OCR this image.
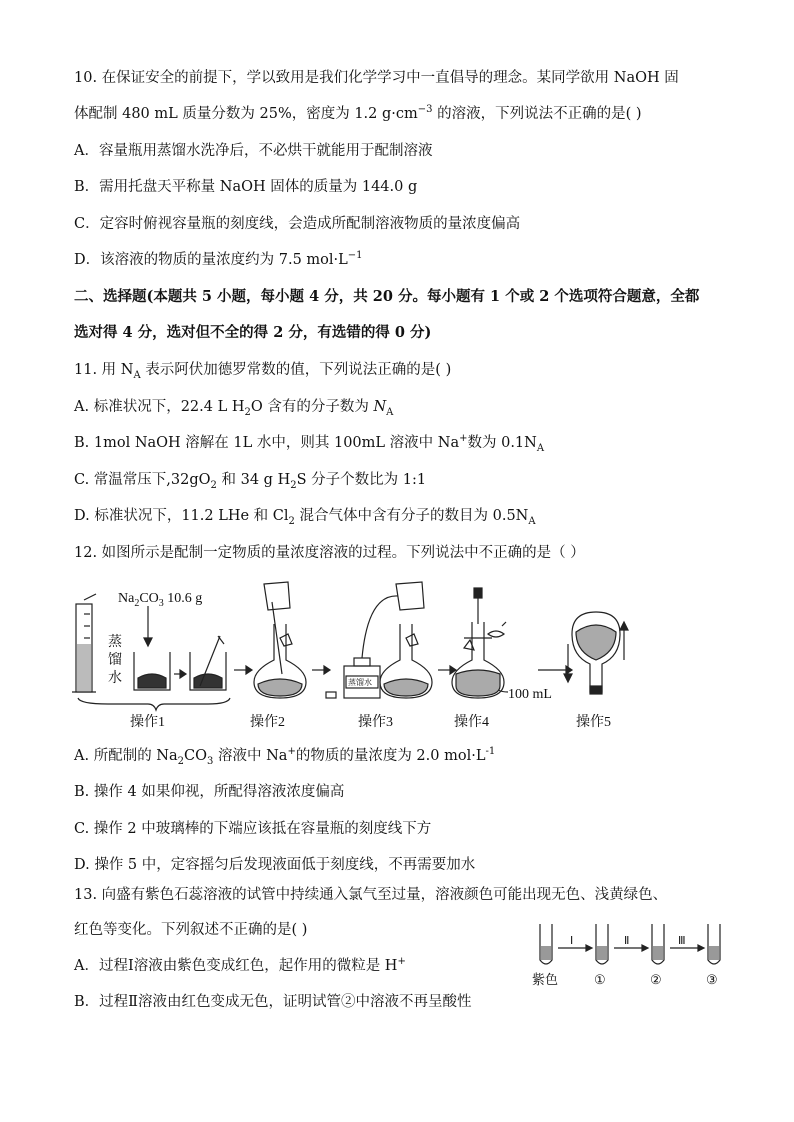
10. 在保证安全的前提下，学以致用是我们化学学习中一直倡导的理念。某同学欲用 NaOH 固
体配制 480 mL 质量分数为 25%，密度为 1.2 $g\cdot cm^{-3}$ 的溶液，下列说法不正确的是( )
A．容量瓶用蒸馏水洗净后，不必烘干就能用于配制溶液
B．需用托盘天平称量 NaOH 固体的质量为 144.0 g
C．定容时俯视容量瓶的刻度线，会造成所配制溶液物质的量浓度偏高
D．该溶液的物质的量浓度约为 7.5 $mol\cdot L^{-1}$
二、选择题(本题共 5 小题，每小题 4 分，共 20 分。每小题有 1 个或 2 个选项符合题意，全都
选对得 4 分，选对但不全的得 2 分，有选错的得 0 分)
11. 用 $N_A$ 表示阿伏加德罗常数的值，下列说法正确的是( )
A. 标准状况下，22.4 L $H_2O$ 含有的分子数为 $N_A$
B. 1mol NaOH 溶解在 1L 水中，则其 100mL 溶液中 Na+数为 $0.1N_A$
C. 常温常压下$,32gO_2$ 和 34 g $H_2S$ 分子个数比为 1:1
D. 标准状况下，11.2 LHe 和 $Cl_2$ 混合气体中含有分子的数目为 $0.5N_A$
12. 如图所示是配制一定物质的量浓度溶液的过程。下列说法中不正确的是（ ）
$Na_2CO_3$ 10.6 g
蒸
馏
水	蒸馏水
100 mL
操作1	操作2	操作3	操作4	操作5
A. 所配制的 $Na_2CO_3$ 溶液中 Na+的物质的量浓度为 2.0 $mol\cdot L^{-1}$
B. 操作 4 如果仰视，所配得溶液浓度偏高
C. 操作 2 中玻璃棒的下端应该抵在容量瓶的刻度线下方
D. 操作 5 中，定容摇匀后发现液面低于刻度线，不再需要加水
13. 向盛有紫色石蕊溶液的试管中持续通入氯气至过量，溶液颜色可能出现无色、浅黄绿色、
红色等变化。下列叙述不正确的是( )
A．过程Ⅰ溶液由紫色变成红色，起作用的微粒是 H+
B．过程Ⅱ溶液由红色变成无色，证明试管②中溶液不再呈酸性
Ⅰ	Ⅱ	Ⅲ
紫色	①	②	③
